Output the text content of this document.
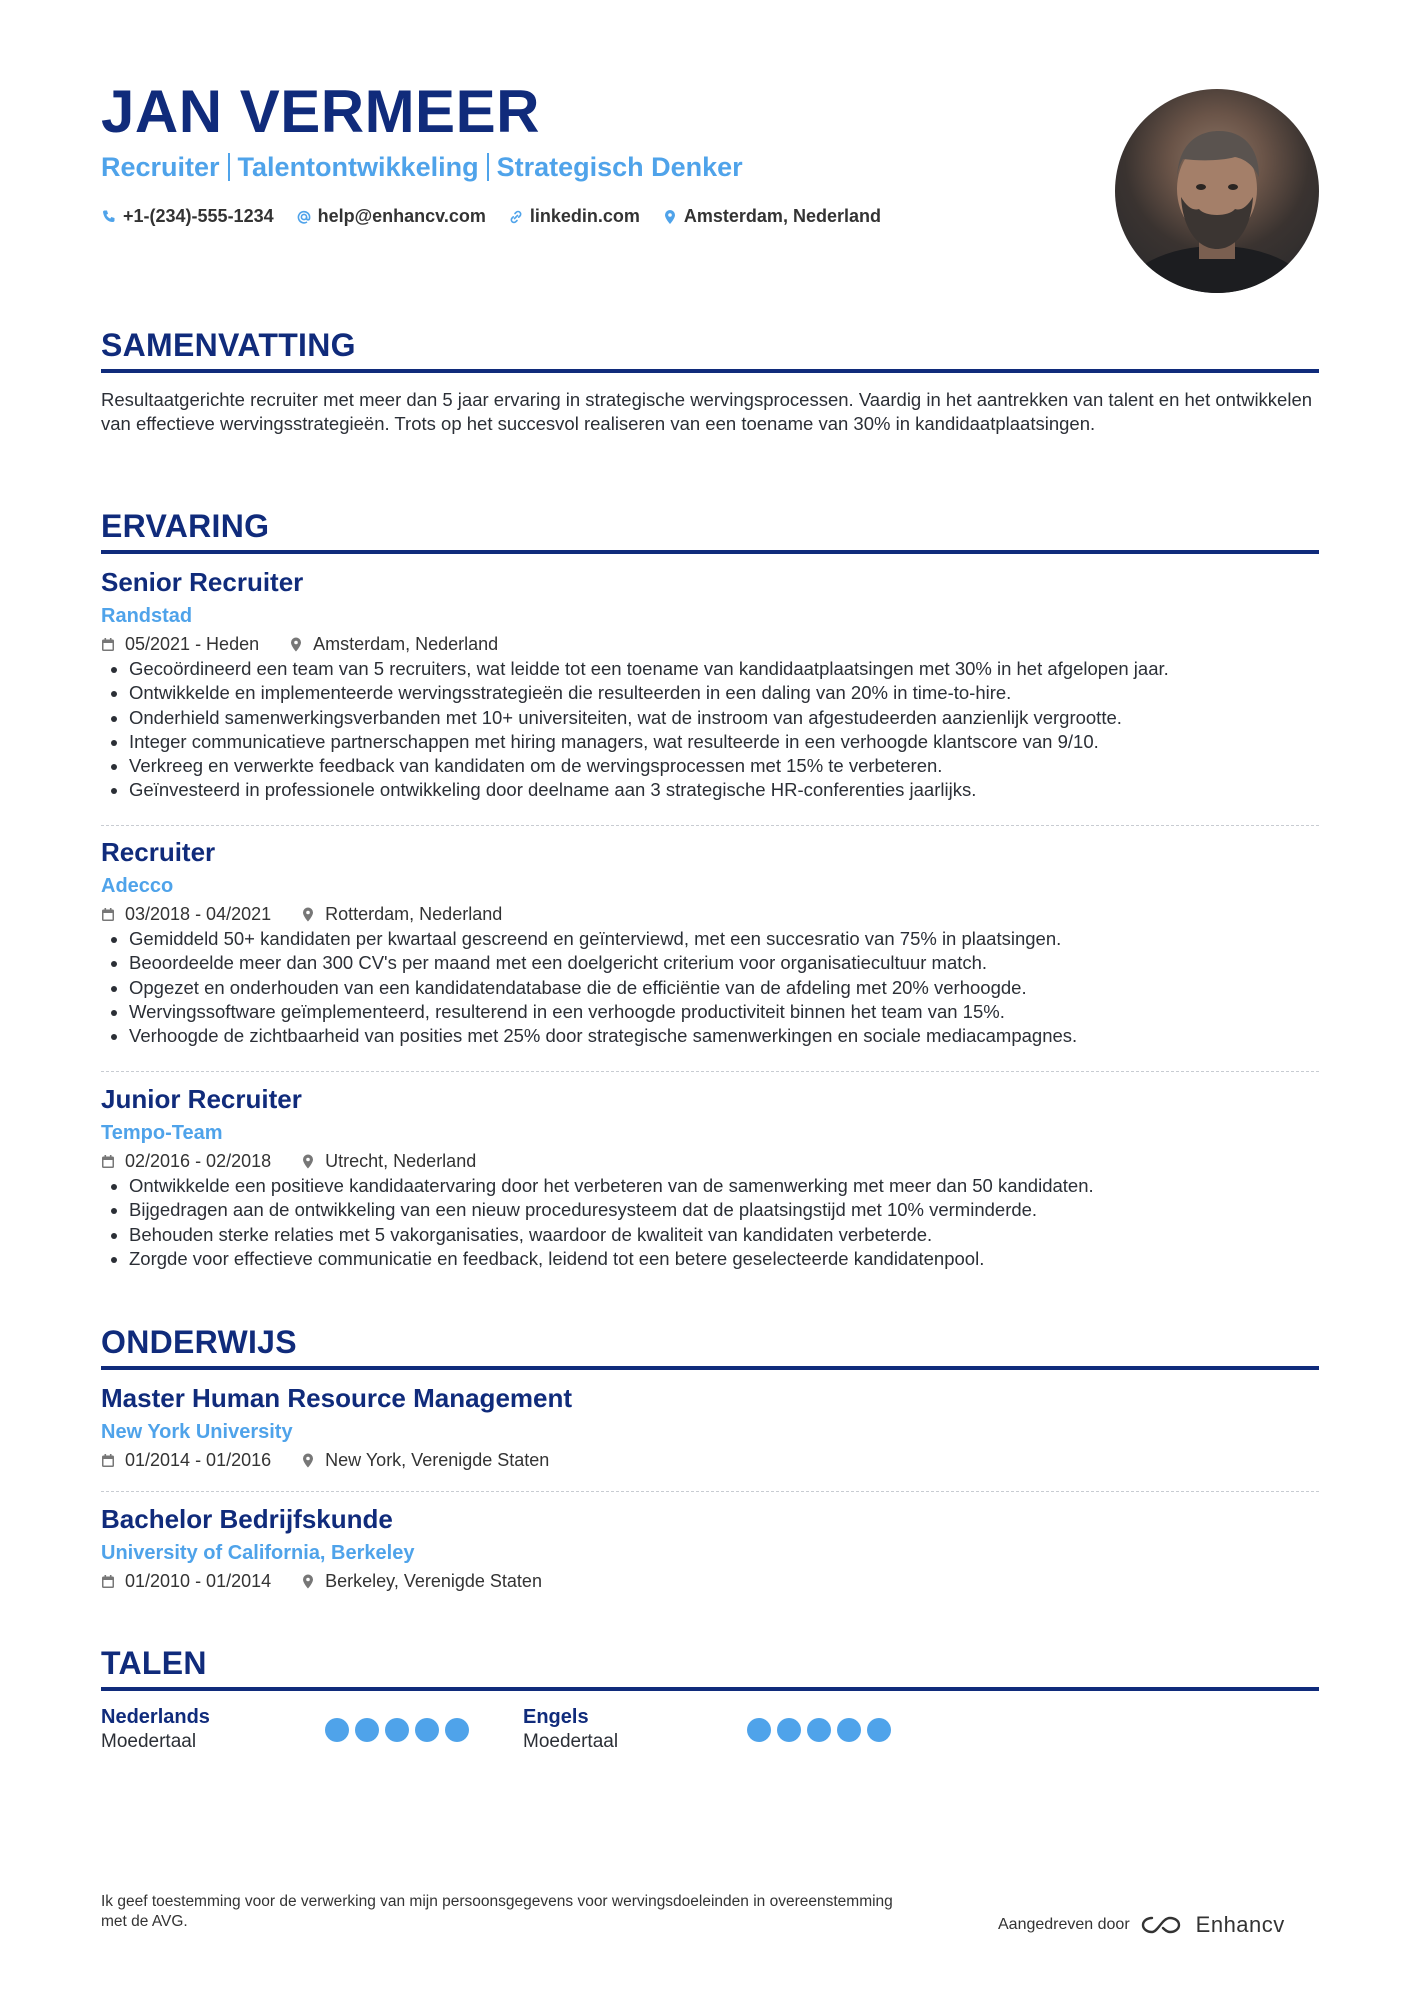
JAN VERMEER
Recruiter Talentontwikkeling Strategisch Denker
+1-(234)-555-1234 help@enhancv.com linkedin.com Amsterdam, Nederland
SAMENVATTING

Resultaatgerichte recruiter met meer dan 5 jaar ervaring in strategische wervingsprocessen. Vaardig in het aantrekken van talent en het ontwikkelen van effectieve wervingsstrategieën. Trots op het succesvol realiseren van een toename van 30% in kandidaatplaatsingen.

ERVARING
Senior Recruiter
Randstad
05/2021 - Heden	Amsterdam, Nederland
• Gecoördineerd een team van 5 recruiters, wat leidde tot een toename van kandidaatplaatsingen met 30% in het afgelopen jaar.
• Ontwikkelde en implementeerde wervingsstrategieën die resulteerden in een daling van 20% in time-to-hire.
• Onderhield samenwerkingsverbanden met 10+ universiteiten, wat de instroom van afgestudeerden aanzienlijk vergrootte.
• Integer communicatieve partnerschappen met hiring managers, wat resulteerde in een verhoogde klantscore van 9/10.
• Verkreeg en verwerkte feedback van kandidaten om de wervingsprocessen met 15% te verbeteren.
• Geïnvesteerd in professionele ontwikkeling door deelname aan 3 strategische HR-conferenties jaarlijks.
Recruiter
Adecco
03/2018 - 04/2021	Rotterdam, Nederland
• Gemiddeld 50+ kandidaten per kwartaal gescreend en geïnterviewd, met een succesratio van 75% in plaatsingen.
• Beoordeelde meer dan 300 CV's per maand met een doelgericht criterium voor organisatiecultuur match.
• Opgezet en onderhouden van een kandidatendatabase die de efficiëntie van de afdeling met 20% verhoogde.
• Wervingssoftware geïmplementeerd, resulterend in een verhoogde productiviteit binnen het team van 15%.
• Verhoogde de zichtbaarheid van posities met 25% door strategische samenwerkingen en sociale mediacampagnes.
Junior Recruiter
Tempo-Team
02/2016 - 02/2018	Utrecht, Nederland
• Ontwikkelde een positieve kandidaatervaring door het verbeteren van de samenwerking met meer dan 50 kandidaten.
• Bijgedragen aan de ontwikkeling van een nieuw proceduresysteem dat de plaatsingstijd met 10% verminderde.
• Behouden sterke relaties met 5 vakorganisaties, waardoor de kwaliteit van kandidaten verbeterde.
• Zorgde voor effectieve communicatie en feedback, leidend tot een betere geselecteerde kandidatenpool.
ONDERWIJS
Master Human Resource Management
New York University
01/2014 - 01/2016	New York, Verenigde Staten
Bachelor Bedrijfskunde
University of California, Berkeley
01/2010 - 01/2014	Berkeley, Verenigde Staten
TALEN
Nederlands
Moedertaal
Engels
Moedertaal

Ik geef toestemming voor de verwerking van mijn persoonsgegevens voor wervingsdoeleinden in overeenstemming met de AVG.	Aangedreven door	Enhancv
